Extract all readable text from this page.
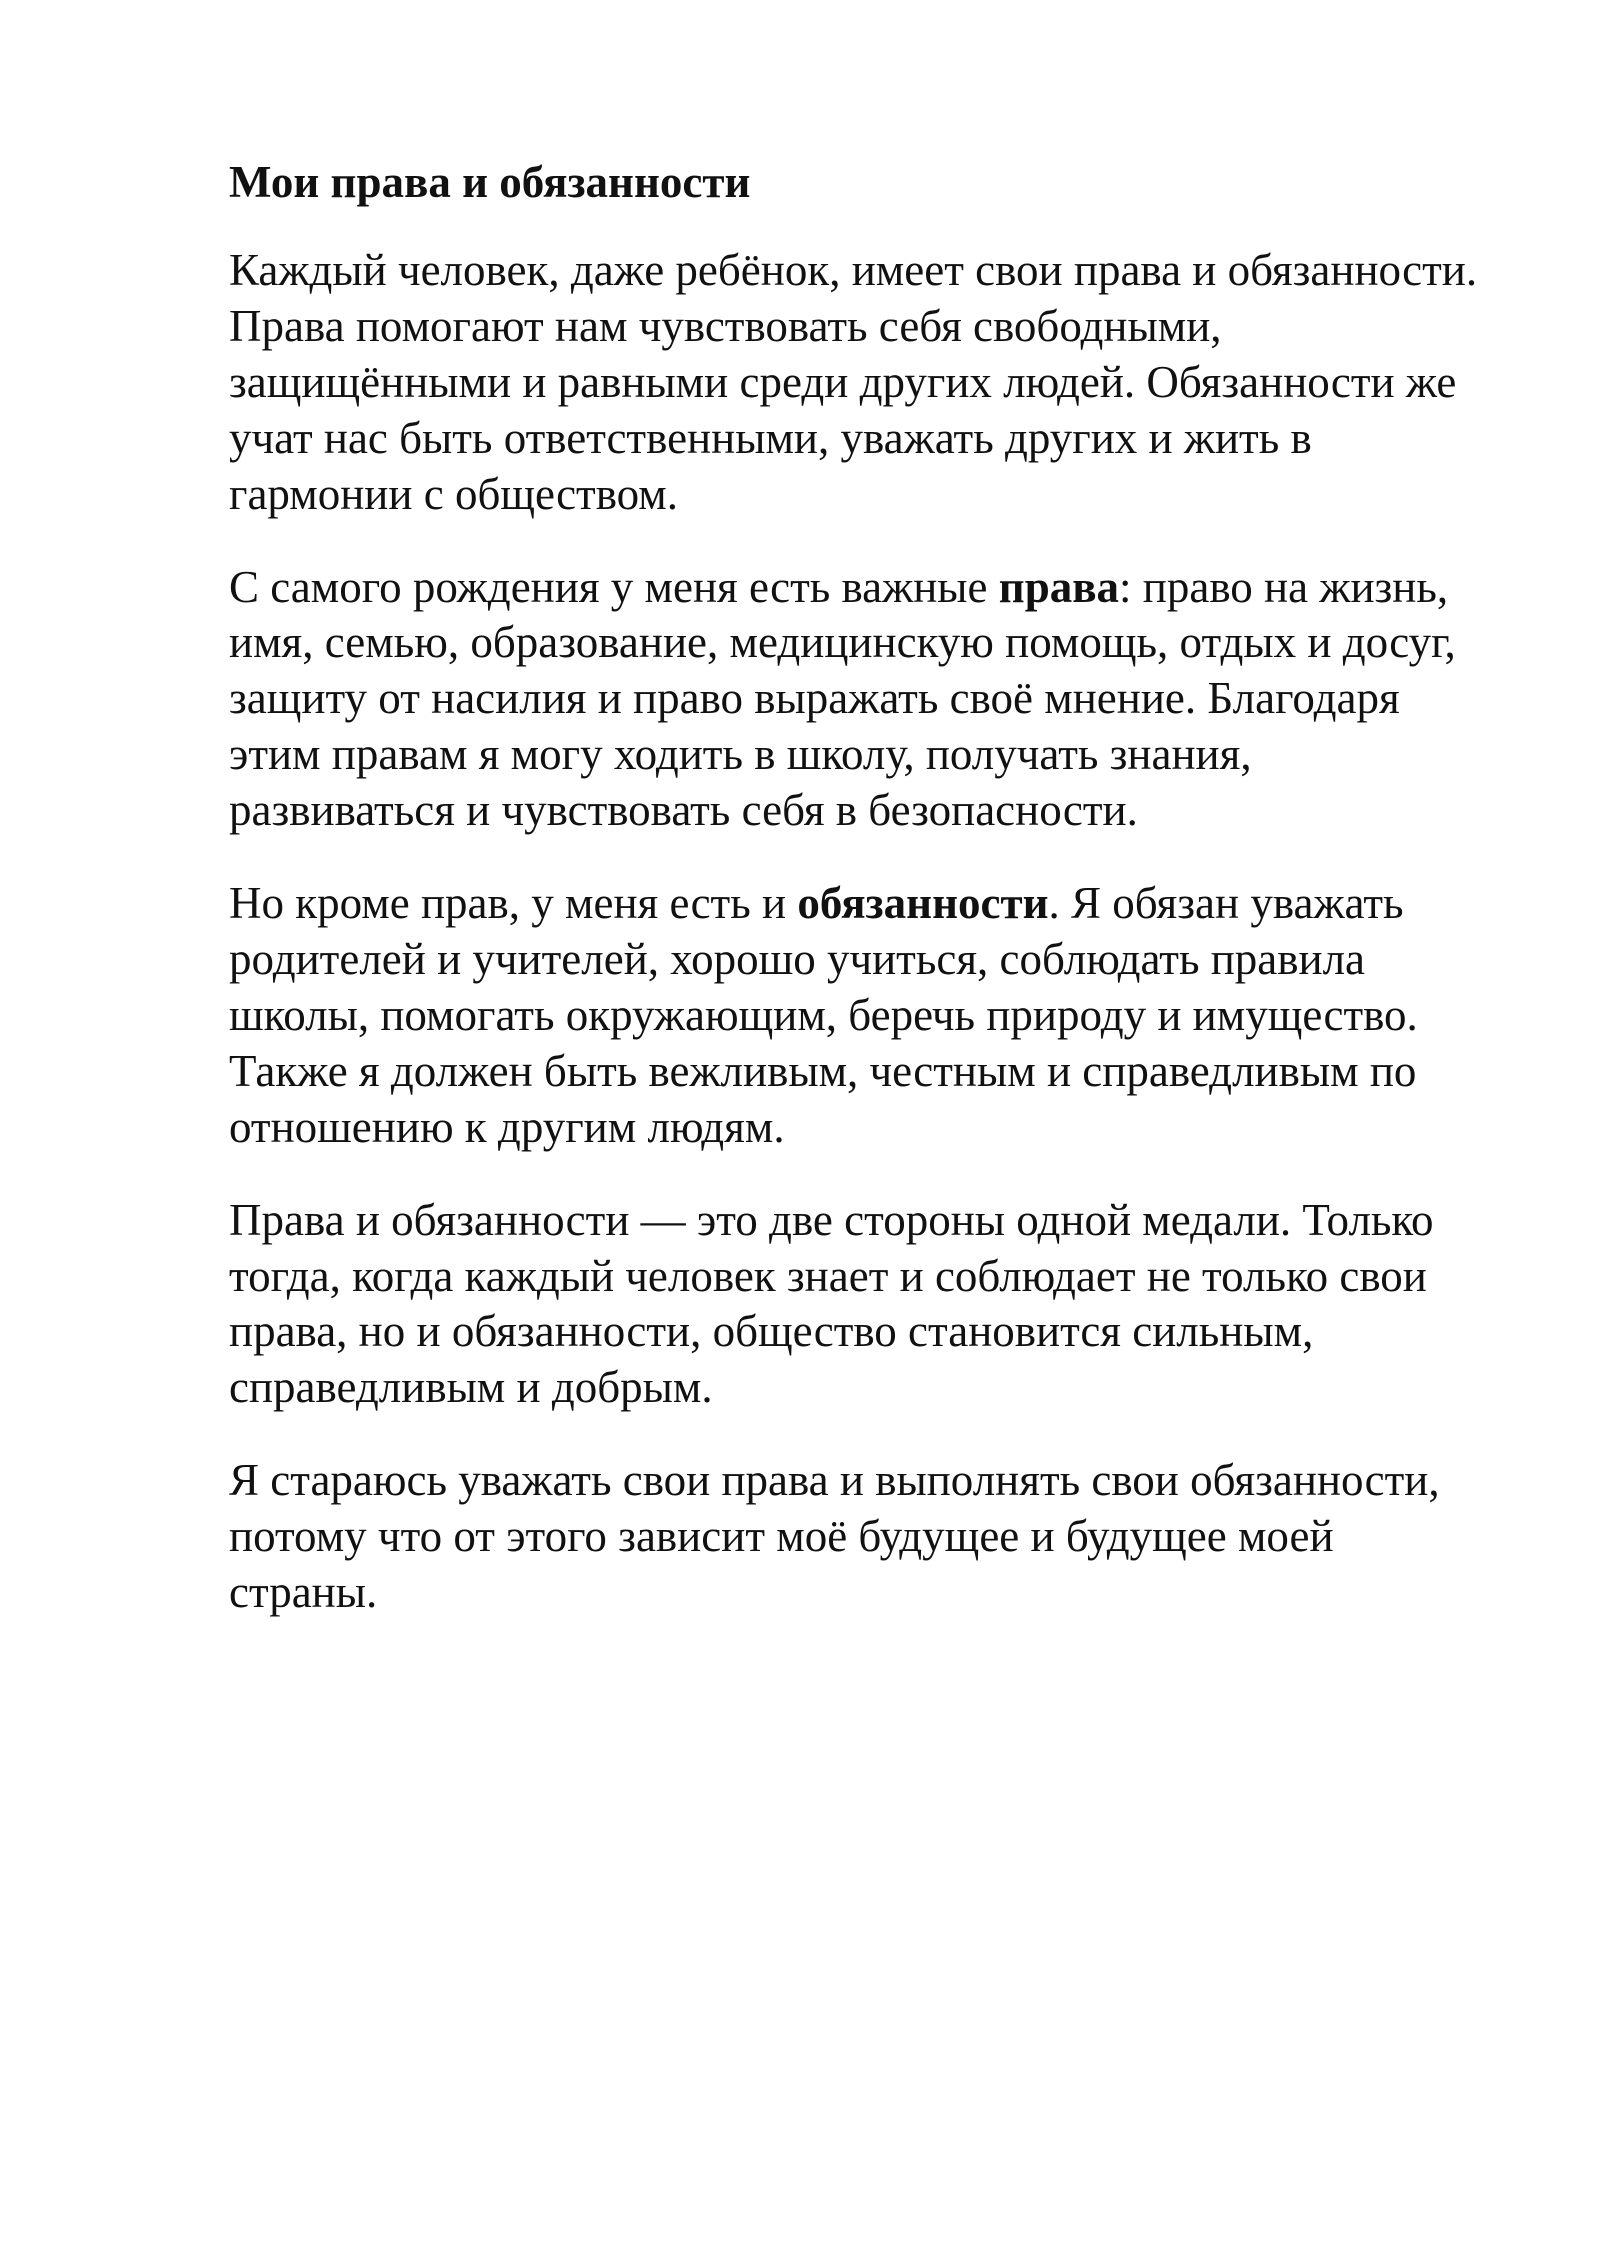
Мои права и обязанности
Каждый человек, даже ребёнок, имеет свои права и обязанности. Права помогают нам чувствовать себя свободными, защищёнными и равными среди других людей. Обязанности же учат нас быть ответственными, уважать других и жить в гармонии с обществом.
С самого рождения у меня есть важные права: право на жизнь, имя, семью, образование, медицинскую помощь, отдых и досуг, защиту от насилия и право выражать своё мнение. Благодаря этим правам я могу ходить в школу, получать знания, развиваться и чувствовать себя в безопасности.
Но кроме прав, у меня есть и обязанности. Я обязан уважать родителей и учителей, хорошо учиться, соблюдать правила школы, помогать окружающим, беречь природу и имущество. Также я должен быть вежливым, честным и справедливым по отношению к другим людям.
Права и обязанности — это две стороны одной медали. Только тогда, когда каждый человек знает и соблюдает не только свои права, но и обязанности, общество становится сильным, справедливым и добрым.
Я стараюсь уважать свои права и выполнять свои обязанности, потому что от этого зависит моё будущее и будущее моей страны.
